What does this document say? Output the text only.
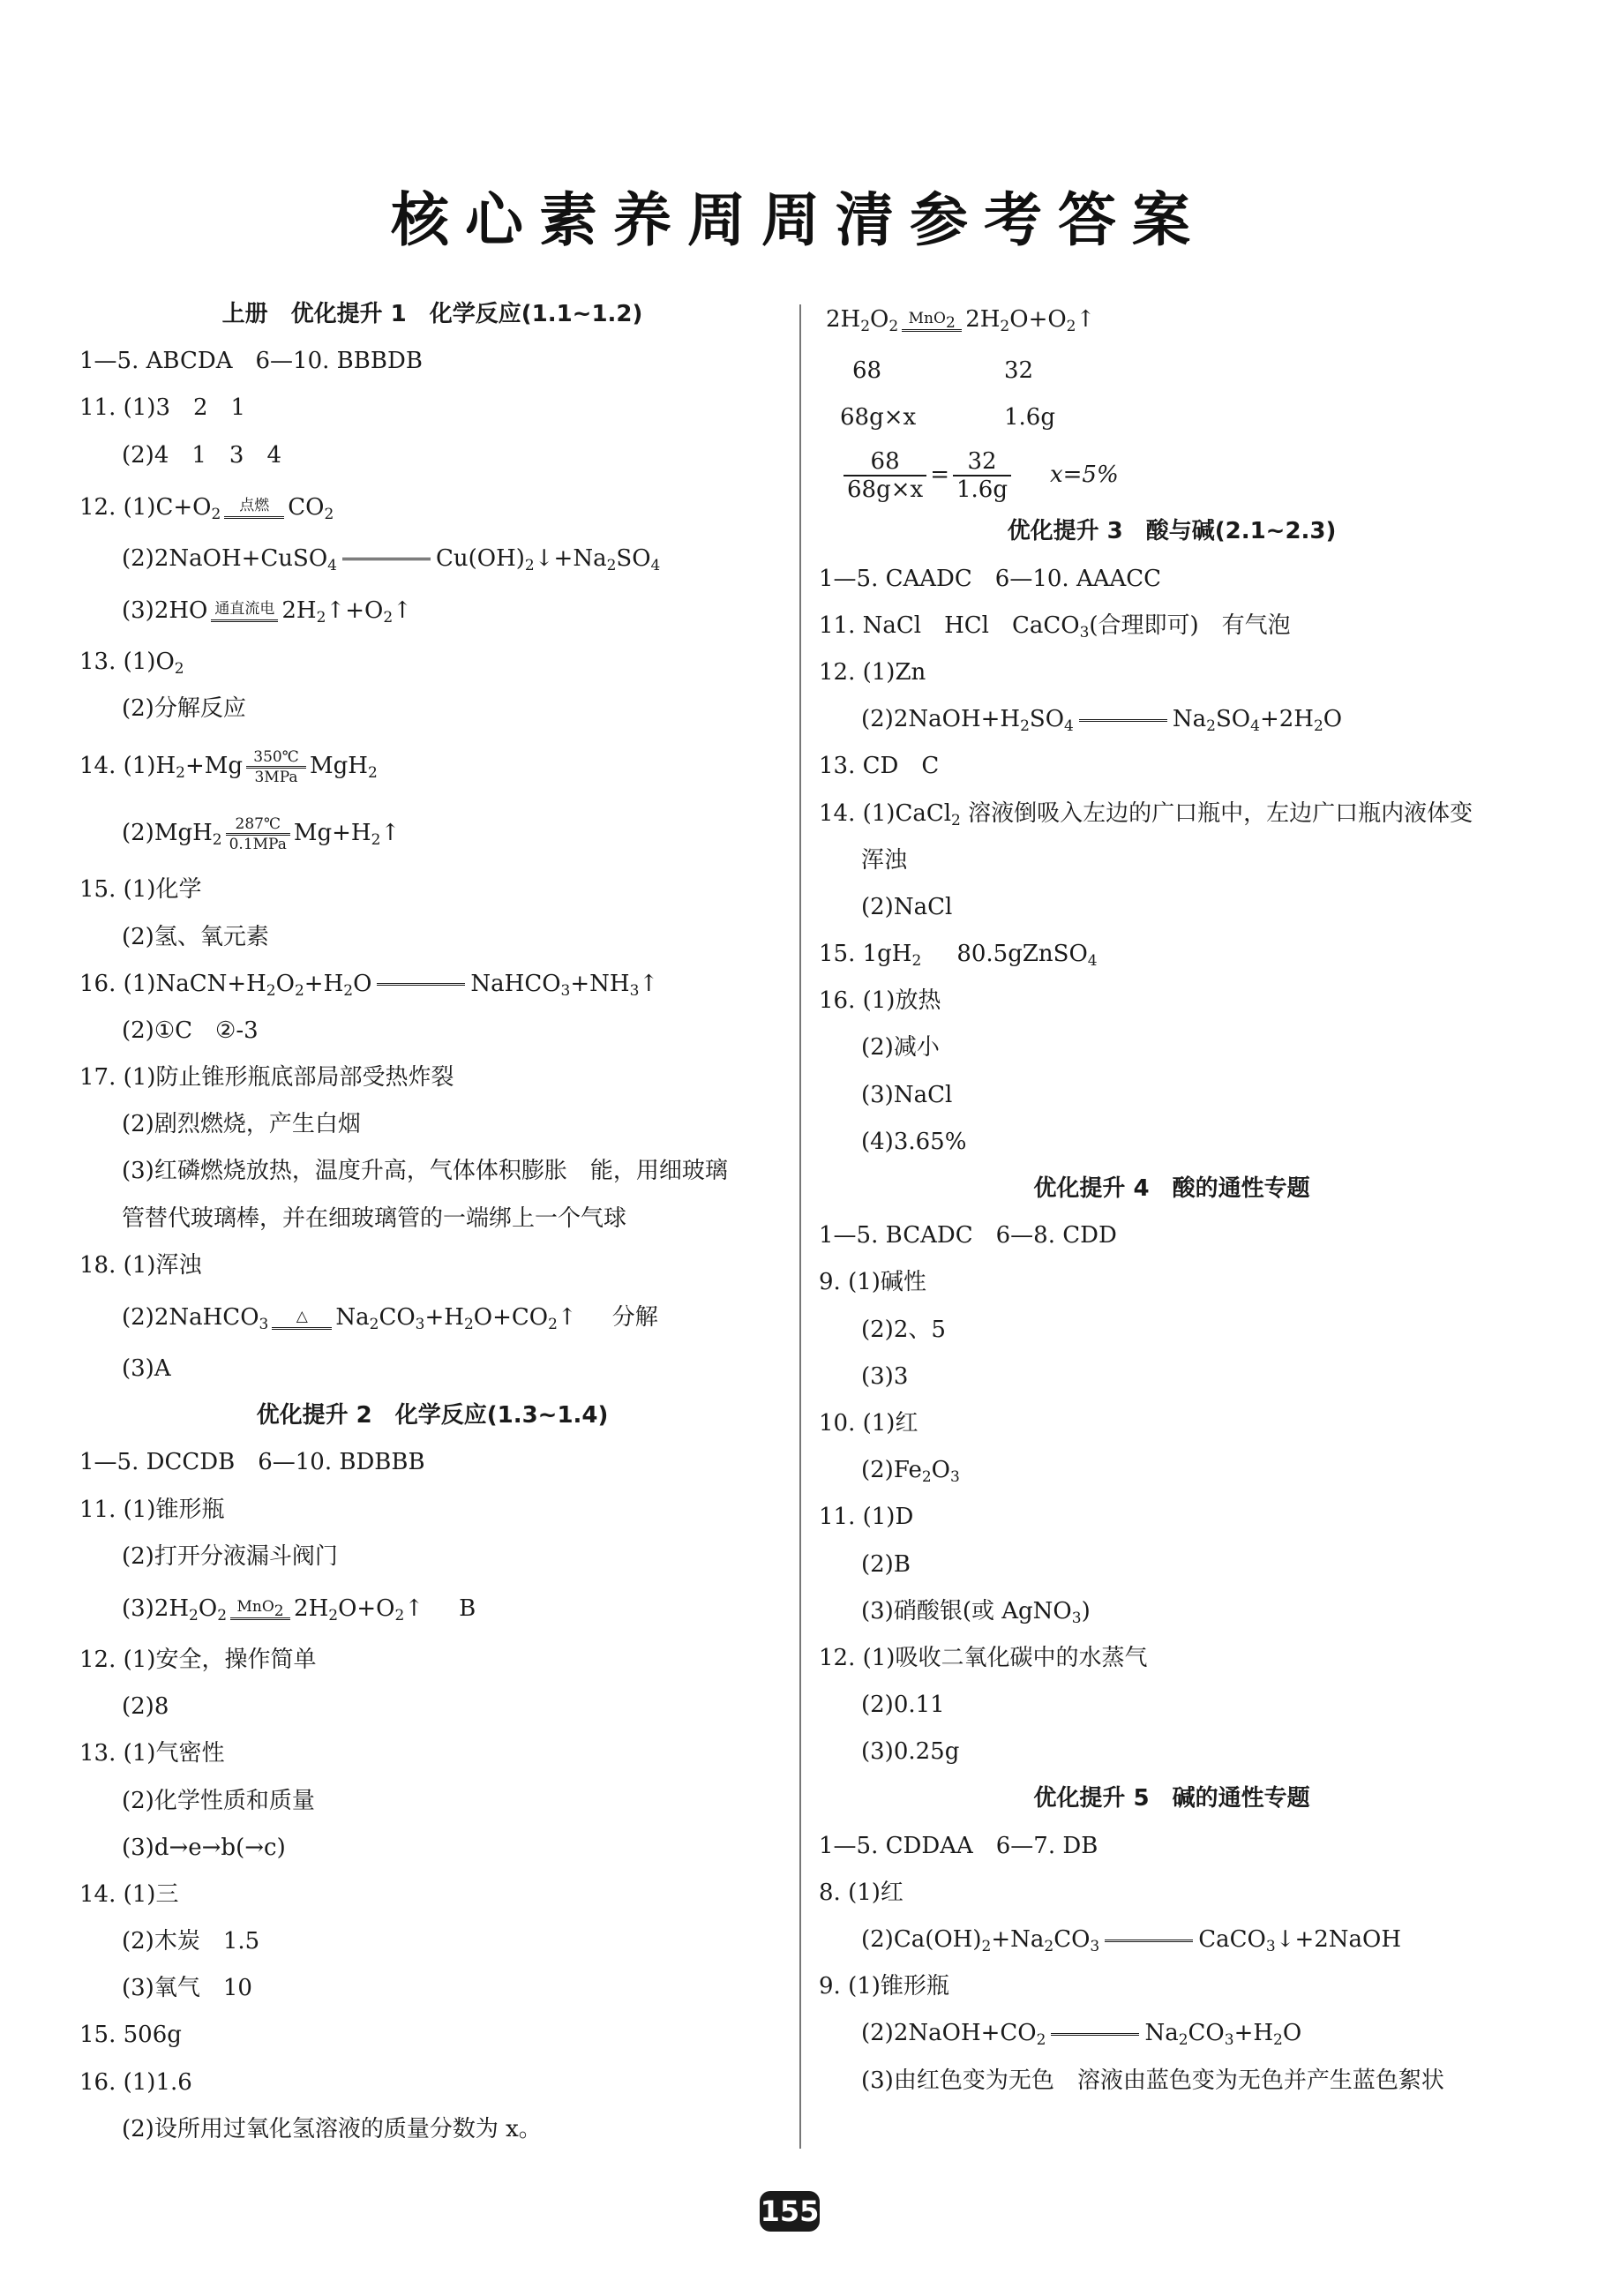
核心素养周周清参考答案
上册　优化提升 1　化学反应(1.1~1.2)
1—5. ABCDA　6—10. BBBDB
11. (1)3　2　1
(2)4　1　3　4
12. $(1)C+O_2$	点燃 $CO_2$
(2)2NaOH+CuSO$_4$	$Cu(OH)_2↓+Na_2SO_4$
(3)2HO 通直流电 $2H_2↑+O_2↑$
13. $(1)O_2$
(2)分解反应
14. $(1)H_2+Mg$ 350℃
3MPa MgH$_2$
(2)MgH$_2$
287℃
0.1MPa $Mg+H_2↑$
15. (1)化学
(2)氢、氧元素
16. $(1)NaCN+H_2O_2+H_2O$	$NaHCO_3+NH_3↑$
(2)①C　②-3
17. (1)防止锥形瓶底部局部受热炸裂
(2)剧烈燃烧，产生白烟
(3)红磷燃烧放热，温度升高，气体体积膨胀　能，用细玻璃
管替代玻璃棒，并在细玻璃管的一端绑上一个气球
18. (1)浑浊
(2)2NaHCO$_3$	△	$Na_2CO_3+H_2O+CO_2↑$ 分解
(3)A
优化提升 2　化学反应(1.3~1.4)
1—5. DCCDB　6—10. BDBBB
11. (1)锥形瓶
(2)打开分液漏斗阀门
$(3)2H_2O_2$ MnO$_2$ $2H_2O+O_2↑$ B
12. (1)安全，操作简单
(2)8
13. (1)气密性
(2)化学性质和质量
(3)d→e→b(→c)
14. (1)三
(2)木炭　1.5
(3)氧气　10
15. 506g
16. (1)1.6
(2)设所用过氧化氢溶液的质量分数为 x。
$2H_2O_2$ MnO$_2$ $2H_2O+O_2↑$
68	32
68g×x	1.6g
$\frac{68}{68g\times x} = \frac{32}{1.6g} x=5\%$
优化提升 3　酸与碱(2.1~2.3)
1—5. CAADC　6—10. AAACC
11. NaCl　HCl　CaCO$_3$(合理即可)　有气泡
12. (1)Zn
$(2)2NaOH+H_2SO_4$	$Na_2SO_4+2H_2O$
13. CD　C
14. (1)CaCl$_2$ 溶液倒吸入左边的广口瓶中，左边广口瓶内液体变
浑浊
(2)NaCl
15. $1gH_2$ 80.5gZnSO$_4$
16. (1)放热
(2)减小
(3)NaCl
(4)3.65%
优化提升 4　酸的通性专题
1—5. BCADC　6—8. CDD
9. (1)碱性
(2)2、5
(3)3
10. (1)红
$(2)Fe_2O_3$
11. (1)D
(2)B
(3)硝酸银(或 AgNO$_3$)
12. (1)吸收二氧化碳中的水蒸气
(2)0.11
(3)0.25g
优化提升 5　碱的通性专题
1—5. CDDAA　6—7. DB
8. (1)红
$(2)Ca(OH)_2+Na_2CO_3$	CaCO$_3$↓+2NaOH
9. (1)锥形瓶
$(2)2NaOH+CO_2$	$Na_2CO_3+H_2O$
(3)由红色变为无色　溶液由蓝色变为无色并产生蓝色絮状
155
